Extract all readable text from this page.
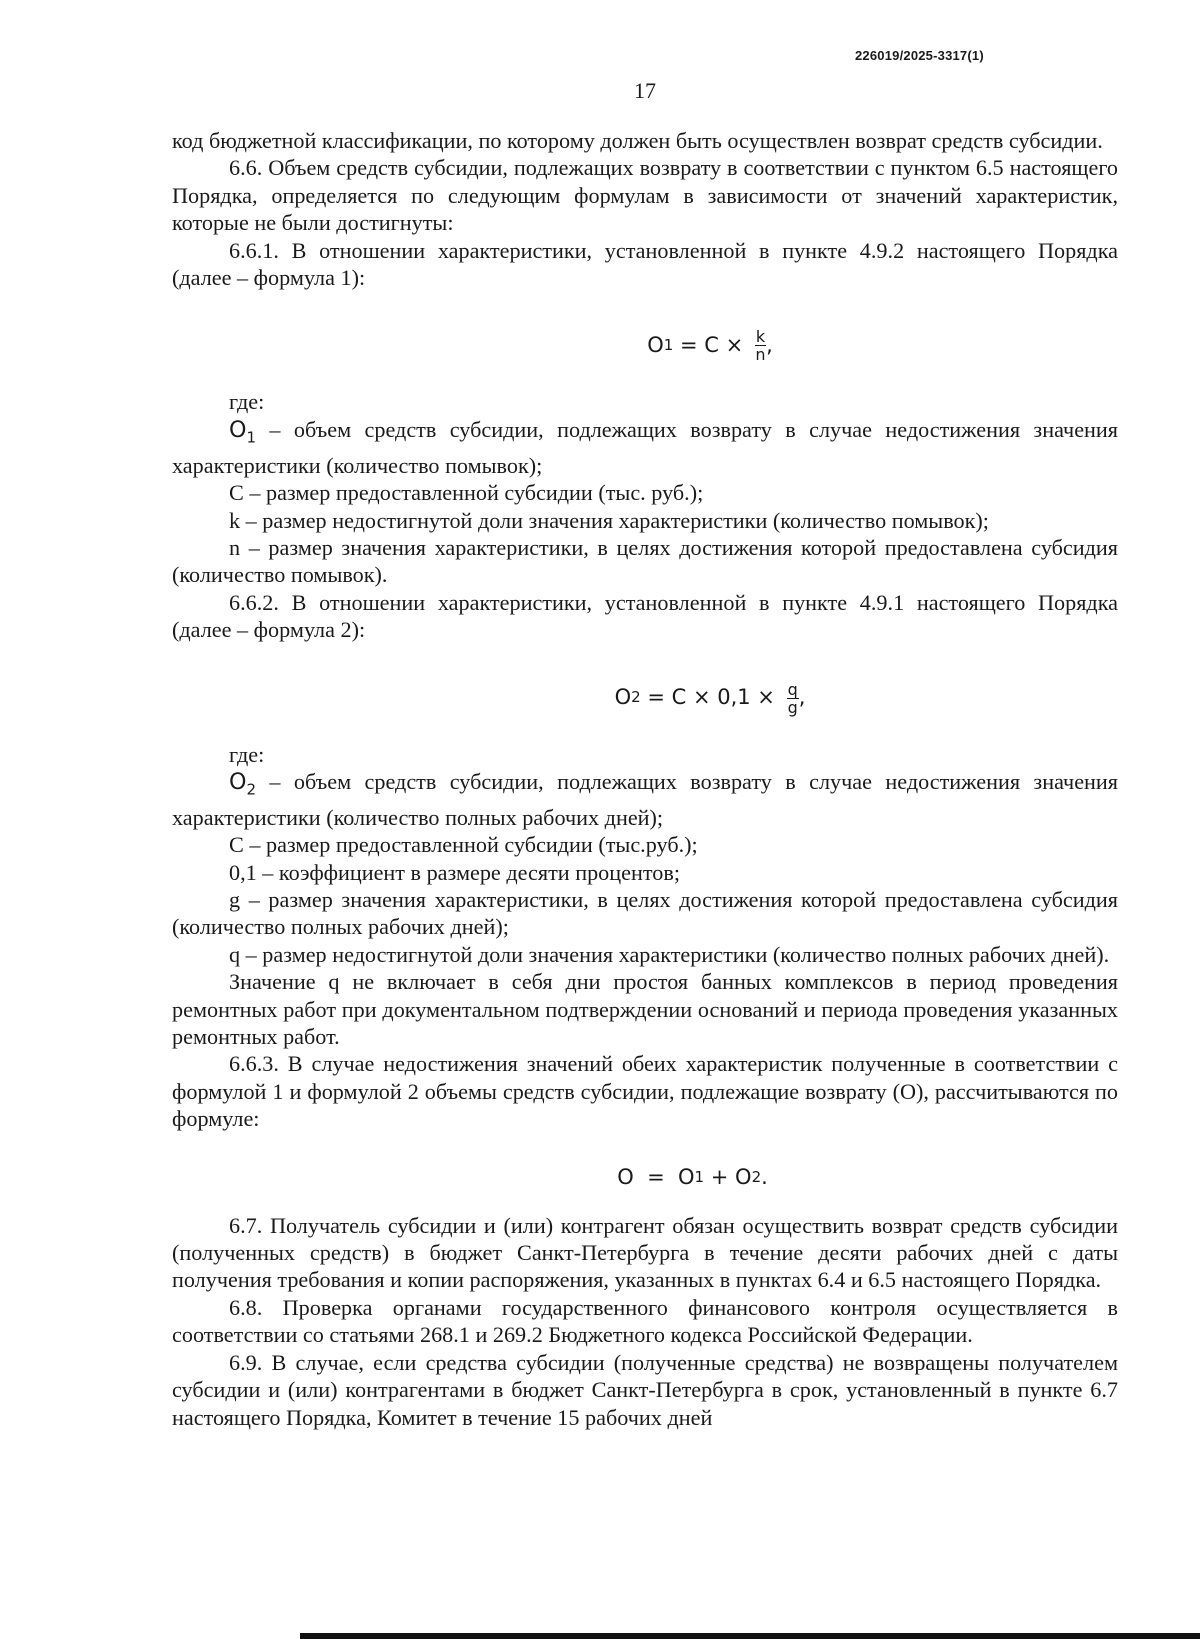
226019/2025-3317(1)
17

код бюджетной классификации, по которому должен быть осуществлен возврат средств субсидии.

6.6. Объем средств субсидии, подлежащих возврату в соответствии с пунктом 6.5 настоящего Порядка, определяется по следующим формулам в зависимости от значений характеристик, которые не были достигнуты:

6.6.1. В отношении характеристики, установленной в пункте 4.9.2 настоящего Порядка (далее – формула 1):

O $1 = C \times \frac{k}{n}$ ,

где:

$O_1$ – объем средств субсидии, подлежащих возврату в случае недостижения значения характеристики (количество помывок);

С – размер предоставленной субсидии (тыс. руб.);

k – размер недостигнутой доли значения характеристики (количество помывок);

n – размер значения характеристики, в целях достижения которой предоставлена субсидия (количество помывок).

6.6.2. В отношении характеристики, установленной в пункте 4.9.1 настоящего Порядка (далее – формула 2):

O $2 = C \times 0,1 \times \frac{q}{g}$ ,

где:

$O_2$ – объем средств субсидии, подлежащих возврату в случае недостижения значения характеристики (количество полных рабочих дней);

С – размер предоставленной субсидии (тыс.руб.);

0,1 – коэффициент в размере десяти процентов;

g – размер значения характеристики, в целях достижения которой предоставлена субсидия (количество полных рабочих дней);

q – размер недостигнутой доли значения характеристики (количество полных рабочих дней).

Значение q не включает в себя дни простоя банных комплексов в период проведения ремонтных работ при документальном подтверждении оснований и периода проведения указанных ремонтных работ.

6.6.3. В случае недостижения значений обеих характеристик полученные в соответствии с формулой 1 и формулой 2 объемы средств субсидии, подлежащие возврату (О), рассчитываются по формуле:

O  =  O 1 + O 2 .

6.7. Получатель субсидии и (или) контрагент обязан осуществить возврат средств субсидии (полученных средств) в бюджет Санкт-Петербурга в течение десяти рабочих дней с даты получения требования и копии распоряжения, указанных в пунктах 6.4 и 6.5 настоящего Порядка.

6.8. Проверка органами государственного финансового контроля осуществляется в соответствии со статьями 268.1 и 269.2 Бюджетного кодекса Российской Федерации.

6.9. В случае, если средства субсидии (полученные средства) не возвращены получателем субсидии и (или) контрагентами в бюджет Санкт-Петербурга в срок, установленный в пункте 6.7 настоящего Порядка, Комитет в течение 15 рабочих дней
